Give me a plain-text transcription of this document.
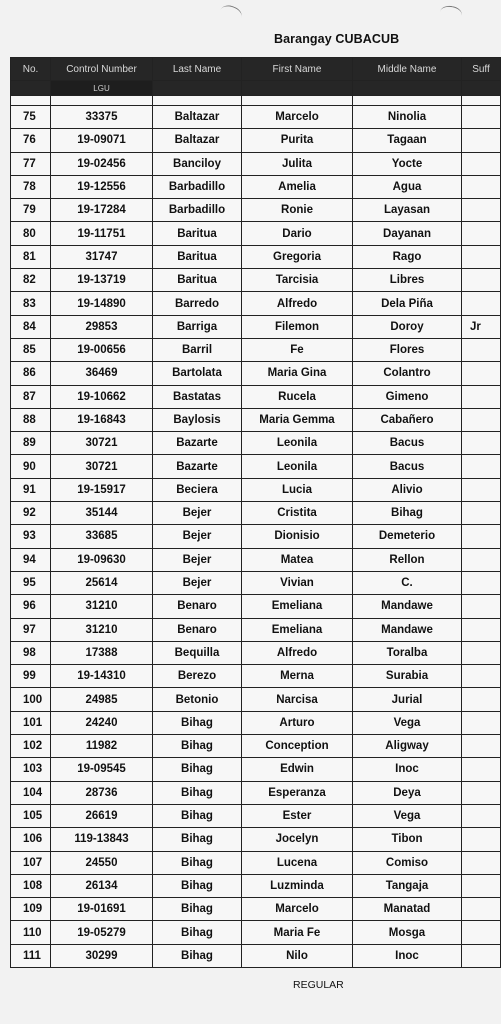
Barangay CUBACUB
No.	Control Number	Last Name	First Name	Middle Name	Suff
	LGU				

75	33375	Baltazar	Marcelo	Ninolia	
76	19-09071	Baltazar	Purita	Tagaan	
77	19-02456	Banciloy	Julita	Yocte	
78	19-12556	Barbadillo	Amelia	Agua	
79	19-17284	Barbadillo	Ronie	Layasan	
80	19-11751	Baritua	Dario	Dayanan	
81	31747	Baritua	Gregoria	Rago	
82	19-13719	Baritua	Tarcisia	Libres	
83	19-14890	Barredo	Alfredo	Dela Piña	
84	29853	Barriga	Filemon	Doroy	Jr
85	19-00656	Barril	Fe	Flores	
86	36469	Bartolata	Maria Gina	Colantro	
87	19-10662	Bastatas	Rucela	Gimeno	
88	19-16843	Baylosis	Maria Gemma	Cabañero	
89	30721	Bazarte	Leonila	Bacus	
90	30721	Bazarte	Leonila	Bacus	
91	19-15917	Beciera	Lucia	Alivio	
92	35144	Bejer	Cristita	Bihag	
93	33685	Bejer	Dionisio	Demeterio	
94	19-09630	Bejer	Matea	Rellon	
95	25614	Bejer	Vivian	C.	
96	31210	Benaro	Emeliana	Mandawe	
97	31210	Benaro	Emeliana	Mandawe	
98	17388	Bequilla	Alfredo	Toralba	
99	19-14310	Berezo	Merna	Surabia	
100	24985	Betonio	Narcisa	Jurial	
101	24240	Bihag	Arturo	Vega	
102	11982	Bihag	Conception	Aligway	
103	19-09545	Bihag	Edwin	Inoc	
104	28736	Bihag	Esperanza	Deya	
105	26619	Bihag	Ester	Vega	
106	119-13843	Bihag	Jocelyn	Tibon	
107	24550	Bihag	Lucena	Comiso	
108	26134	Bihag	Luzminda	Tangaja	
109	19-01691	Bihag	Marcelo	Manatad	
110	19-05279	Bihag	Maria Fe	Mosga	
111	30299	Bihag	Nilo	Inoc	
REGULAR
